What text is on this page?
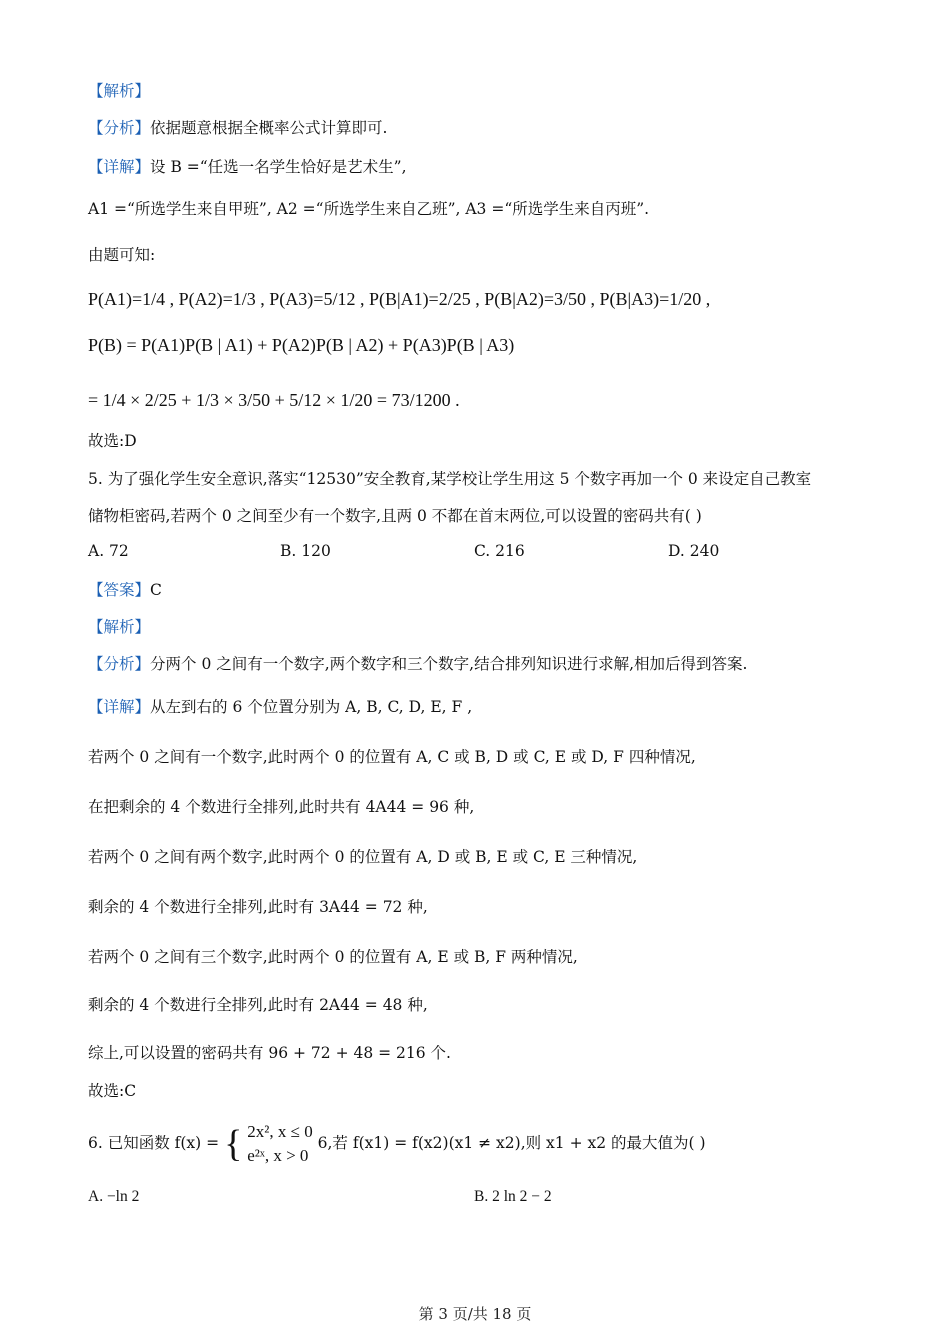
【解析】
【分析】依据题意根据全概率公式计算即可.
【详解】设 B =“任选一名学生恰好是艺术生”,
A1 =“所选学生来自甲班”, A2 =“所选学生来自乙班”, A3 =“所选学生来自丙班”.
由题可知:
P(A1)=1/4 , P(A2)=1/3 , P(A3)=5/12 , P(B|A1)=2/25 , P(B|A2)=3/50 , P(B|A3)=1/20 ,
P(B) = P(A1)P(B | A1) + P(A2)P(B | A2) + P(A3)P(B | A3)
= 1/4 × 2/25 + 1/3 × 3/50 + 5/12 × 1/20 = 73/1200 .
故选:D
5. 为了强化学生安全意识,落实“12530”安全教育,某学校让学生用这 5 个数字再加一个 0 来设定自己教室
储物柜密码,若两个 0 之间至少有一个数字,且两 0 不都在首末两位,可以设置的密码共有( )
A. 72	B. 120	C. 216	D. 240
【答案】C
【解析】
【分析】分两个 0 之间有一个数字,两个数字和三个数字,结合排列知识进行求解,相加后得到答案.
【详解】从左到右的 6 个位置分别为 A, B, C, D, E, F ,
若两个 0 之间有一个数字,此时两个 0 的位置有 A, C 或 B, D 或 C, E 或 D, F 四种情况,
在把剩余的 4 个数进行全排列,此时共有 4A44 = 96 种,
若两个 0 之间有两个数字,此时两个 0 的位置有 A, D 或 B, E 或 C, E 三种情况,
剩余的 4 个数进行全排列,此时有 3A44 = 72 种,
若两个 0 之间有三个数字,此时两个 0 的位置有 A, E 或 B, F 两种情况,
剩余的 4 个数进行全排列,此时有 2A44 = 48 种,
综上,可以设置的密码共有 96 + 72 + 48 = 216 个.
故选:C
6. 已知函数 f(x) = { 2x², x ≤ 0
e²ˣ, x > 0
6,若 f(x1) = f(x2)(x1 ≠ x2),则 x1 + x2 的最大值为( )
A. −ln 2	B. 2 ln 2 − 2
第 3 页/共 18 页
